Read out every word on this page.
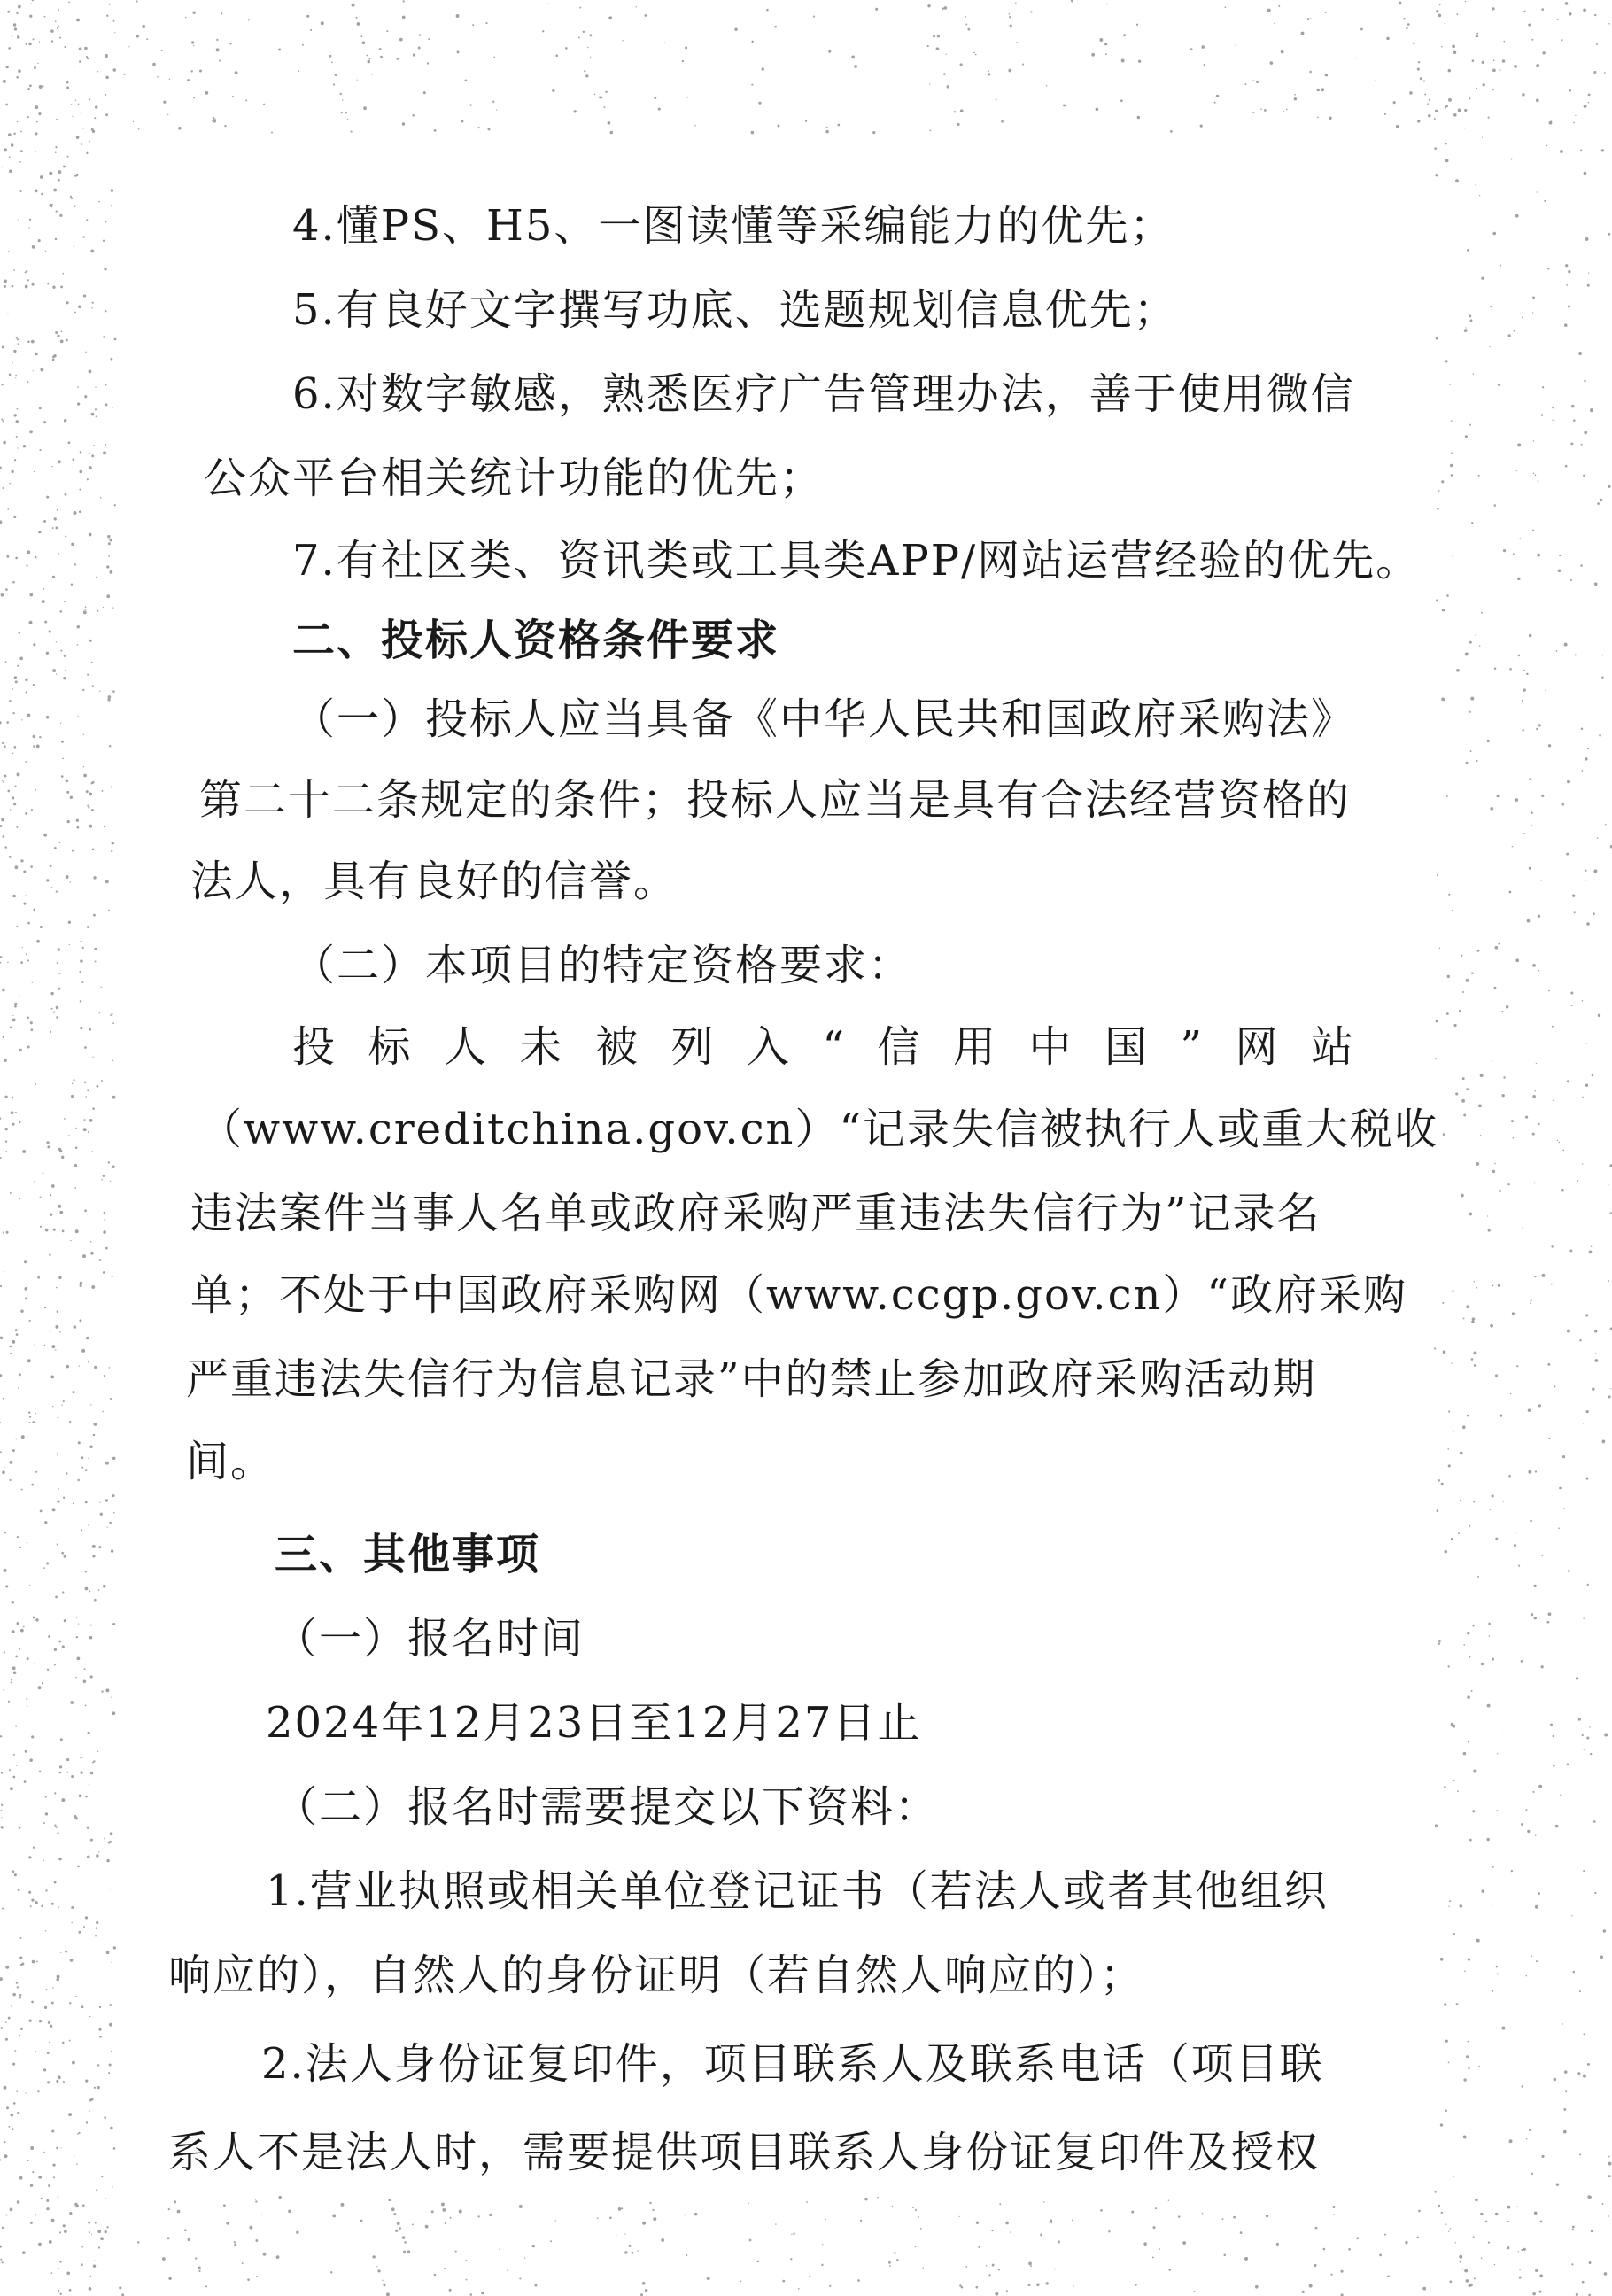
4.懂PS、H5、一图读懂等采编能力的优先；
5.有良好文字撰写功底、选题规划信息优先；
6.对数字敏感，熟悉医疗广告管理办法，善于使用微信
公众平台相关统计功能的优先；
7.有社区类、资讯类或工具类APP/网站运营经验的优先。
二、投标人资格条件要求
（一）投标人应当具备《中华人民共和国政府采购法》
第二十二条规定的条件；投标人应当是具有合法经营资格的
法人，具有良好的信誉。
（二）本项目的特定资格要求：
投标人未被列入“信用中国”网站
（www.creditchina.gov.cn）“记录失信被执行人或重大税收
违法案件当事人名单或政府采购严重违法失信行为”记录名
单；不处于中国政府采购网（www.ccgp.gov.cn）“政府采购
严重违法失信行为信息记录”中的禁止参加政府采购活动期
间。
三、其他事项
（一）报名时间
2024年12月23日至12月27日止
（二）报名时需要提交以下资料：
1.营业执照或相关单位登记证书（若法人或者其他组织
响应的），自然人的身份证明（若自然人响应的）；
2.法人身份证复印件，项目联系人及联系电话（项目联
系人不是法人时，需要提供项目联系人身份证复印件及授权
